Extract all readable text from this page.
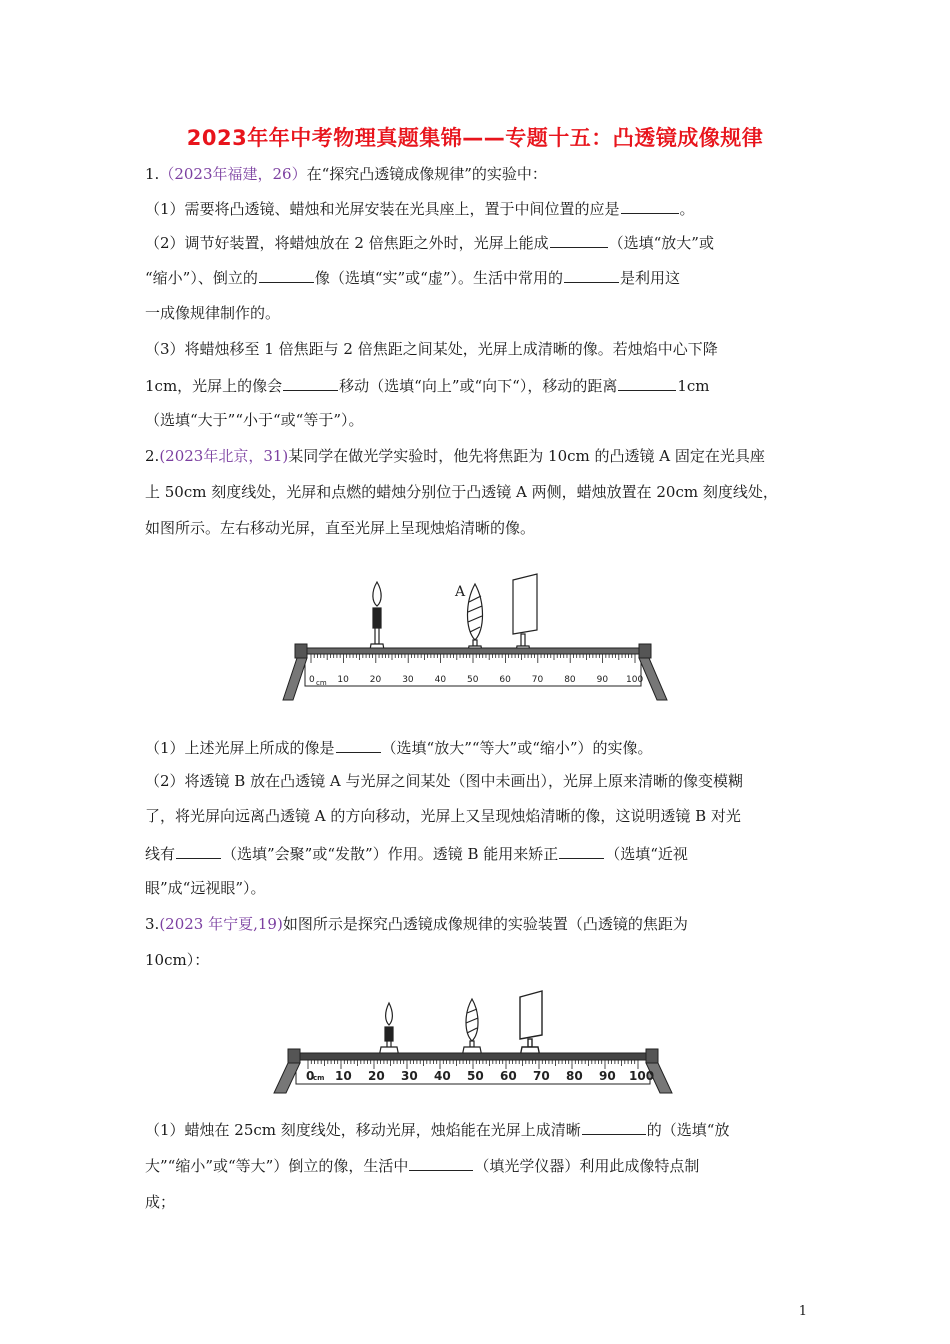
2023年年中考物理真题集锦——专题十五：凸透镜成像规律
1.（2023年福建，26）在“探究凸透镜成像规律”的实验中：
（1）需要将凸透镜、蜡烛和光屏安装在光具座上，置于中间位置的应是	。
（2）调节好装置，将蜡烛放在 2 倍焦距之外时，光屏上能成	（选填“放大”或
“缩小”）、倒立的	像（选填“实”或“虚”）。生活中常用的	是利用这
一成像规律制作的。
（3）将蜡烛移至 1 倍焦距与 2 倍焦距之间某处，光屏上成清晰的像。若烛焰中心下降
1cm，光屏上的像会	移动（选填“向上”或“向下“），移动的距离	1cm
（选填“大于”“小于“或“等于”）。
2.(2023年北京，31)某同学在做光学实验时，他先将焦距为 10cm 的凸透镜 A 固定在光具座
上 50cm 刻度线处，光屏和点燃的蜡烛分别位于凸透镜 A 两侧，蜡烛放置在 20cm 刻度线处，
如图所示。左右移动光屏，直至光屏上呈现烛焰清晰的像。
A
0 cm 10 20 30 40 50 60 70 80 90 100
（1）上述光屏上所成的像是	（选填“放大”“等大”或“缩小”）的实像。
（2）将透镜 B 放在凸透镜 A 与光屏之间某处（图中未画出），光屏上原来清晰的像变模糊
了，将光屏向远离凸透镜 A 的方向移动，光屏上又呈现烛焰清晰的像，这说明透镜 B 对光
线有	（选填”会聚”或“发散”）作用。透镜 B 能用来矫正	（选填“近视
眼”成“远视眼”）。
3.(2023 年宁夏,19)如图所示是探究凸透镜成像规律的实验装置（凸透镜的焦距为
10cm）：
0
cm 10 20 30 40 50 60 70 80 90 100
（1）蜡烛在 25cm 刻度线处，移动光屏，烛焰能在光屏上成清晰	的（选填“放
大”“缩小”或“等大”）倒立的像，生活中	（填光学仪器）利用此成像特点制
成；
1
